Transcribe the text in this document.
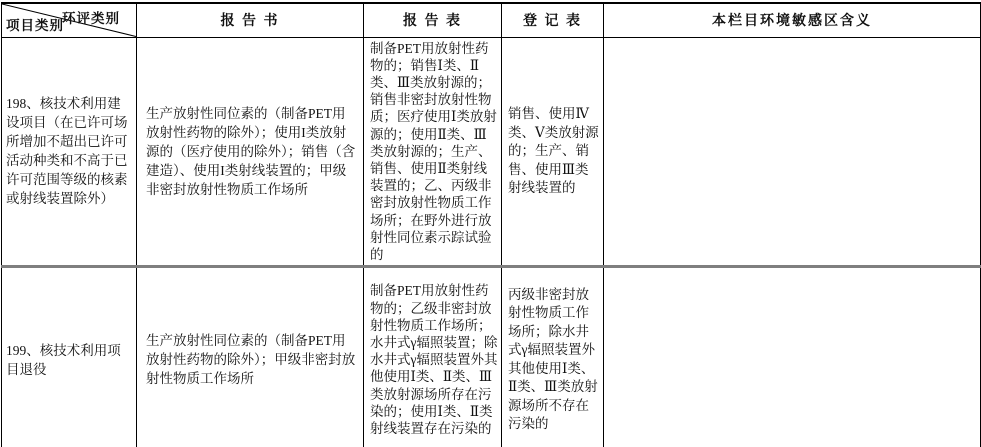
环评类别
项目类别	报 告 书	报 告 表	登 记 表	本栏目环境敏感区含义
198、核技术利用建设项目（在已许可场所增加不超出已许可活动种类和不高于已许可范围等级的核素或射线装置除外）	生产放射性同位素的（制备PET用放射性药物的除外）；使用I类放射源的（医疗使用的除外）；销售（含建造）、使用I类射线装置的；甲级非密封放射性物质工作场所	制备PET用放射性药物的；销售Ⅰ类、Ⅱ类、Ⅲ类放射源的；销售非密封放射性物质；医疗使用Ⅰ类放射源的；使用Ⅱ类、Ⅲ类放射源的；生产、销售、使用Ⅱ类射线装置的；乙、丙级非密封放射性物质工作场所；在野外进行放射性同位素示踪试验的	销售、使用Ⅳ类、Ⅴ类放射源的；生产、销售、使用Ⅲ类射线装置的	
199、核技术利用项目退役	生产放射性同位素的（制备PET用放射性药物的除外）；甲级非密封放射性物质工作场所	制备PET用放射性药物的；乙级非密封放射性物质工作场所；水井式γ辐照装置；除水井式γ辐照装置外其他使用Ⅰ类、Ⅱ类、Ⅲ类放射源场所存在污染的；使用Ⅰ类、Ⅱ类射线装置存在污染的	丙级非密封放射性物质工作场所；除水井式γ辐照装置外其他使用Ⅰ类、Ⅱ类、Ⅲ类放射源场所不存在污染的	
